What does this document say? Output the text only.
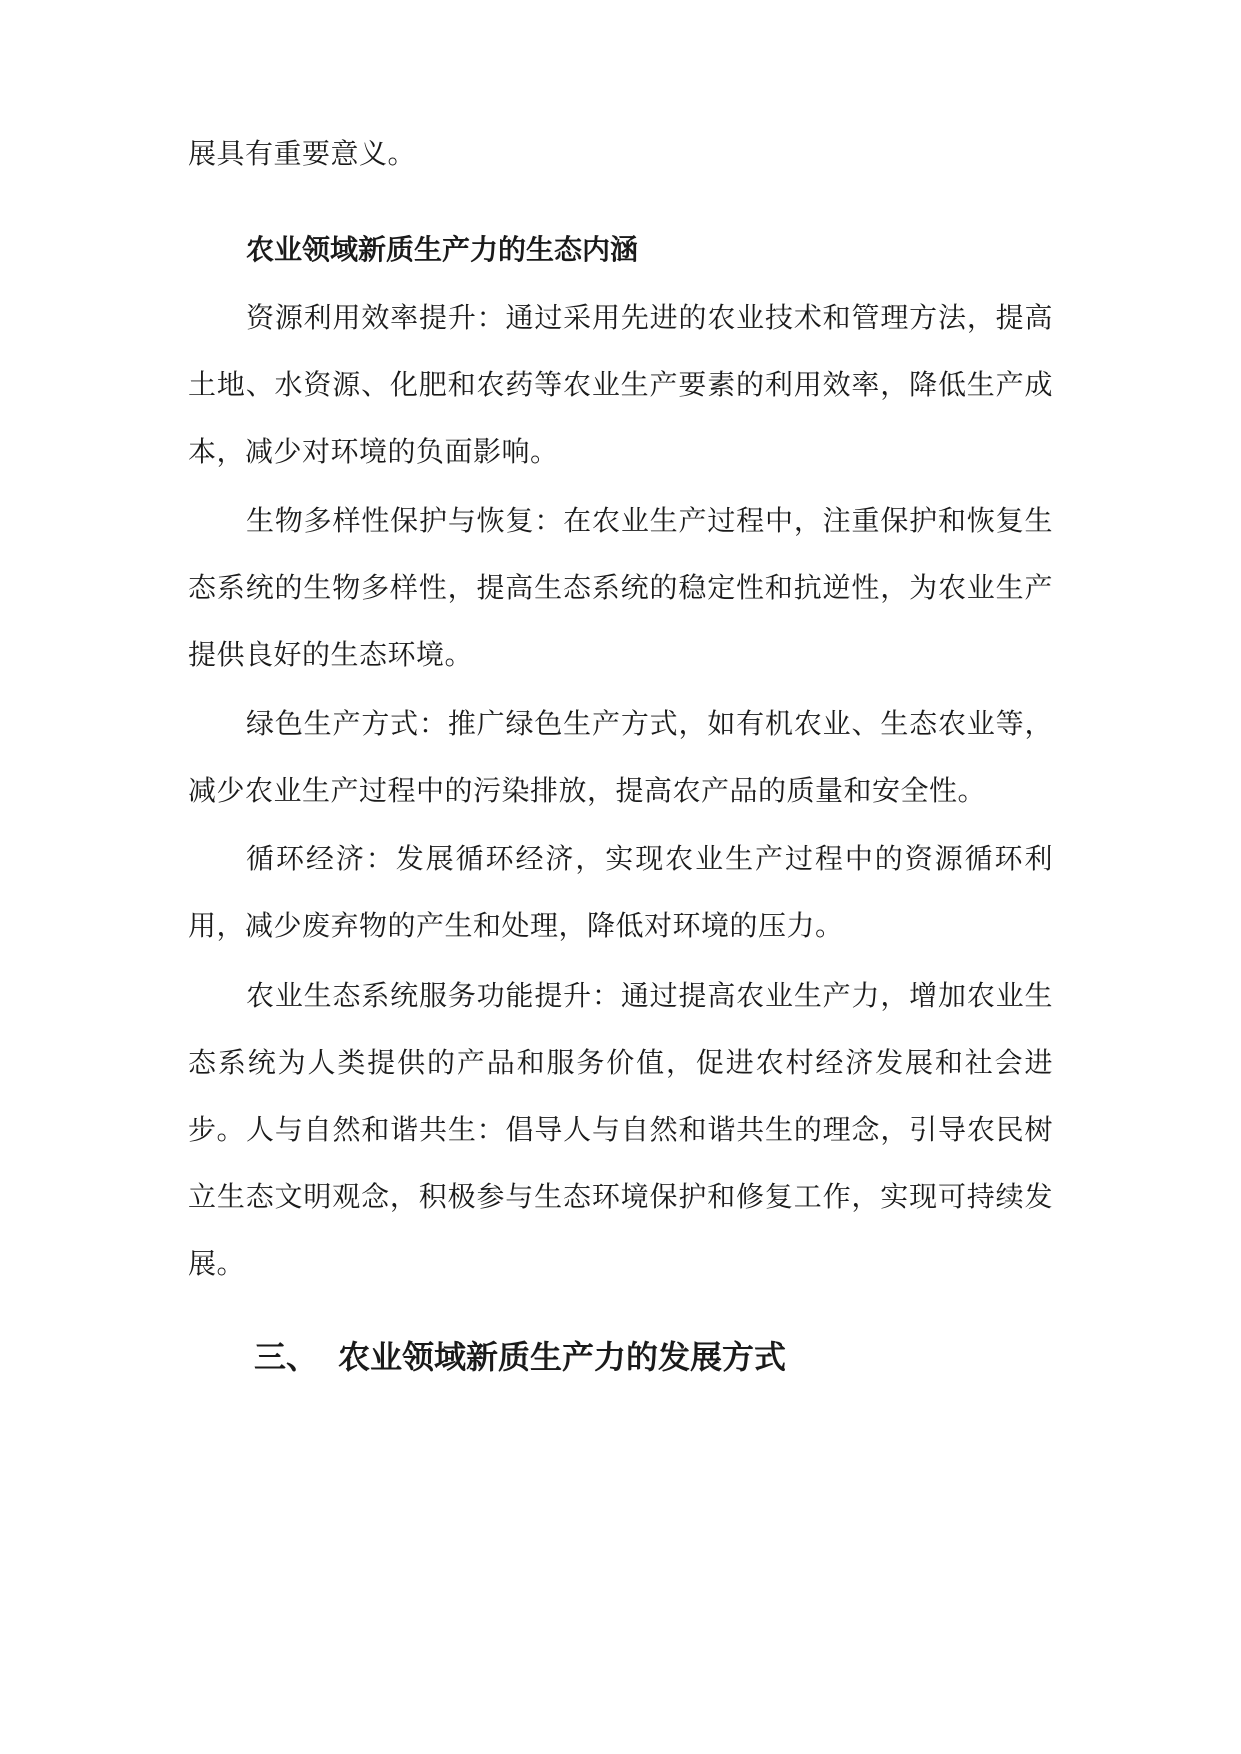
展具有重要意义。

农业领域新质生产力的生态内涵

资源利用效率提升：通过采用先进的农业技术和管理方法，提高土地、水资源、化肥和农药等农业生产要素的利用效率，降低生产成本，减少对环境的负面影响。

生物多样性保护与恢复：在农业生产过程中，注重保护和恢复生态系统的生物多样性，提高生态系统的稳定性和抗逆性，为农业生产提供良好的生态环境。

绿色生产方式：推广绿色生产方式，如有机农业、生态农业等，减少农业生产过程中的污染排放，提高农产品的质量和安全性。

循环经济：发展循环经济，实现农业生产过程中的资源循环利用，减少废弃物的产生和处理，降低对环境的压力。

农业生态系统服务功能提升：通过提高农业生产力，增加农业生态系统为人类提供的产品和服务价值，促进农村经济发展和社会进步。 人与自然和谐共生：倡导人与自然和谐共生的理念，引导农民树立生态文明观念，积极参与生态环境保护和修复工作，实现可持续发展。

三、 农业领域新质生产力的发展方式
